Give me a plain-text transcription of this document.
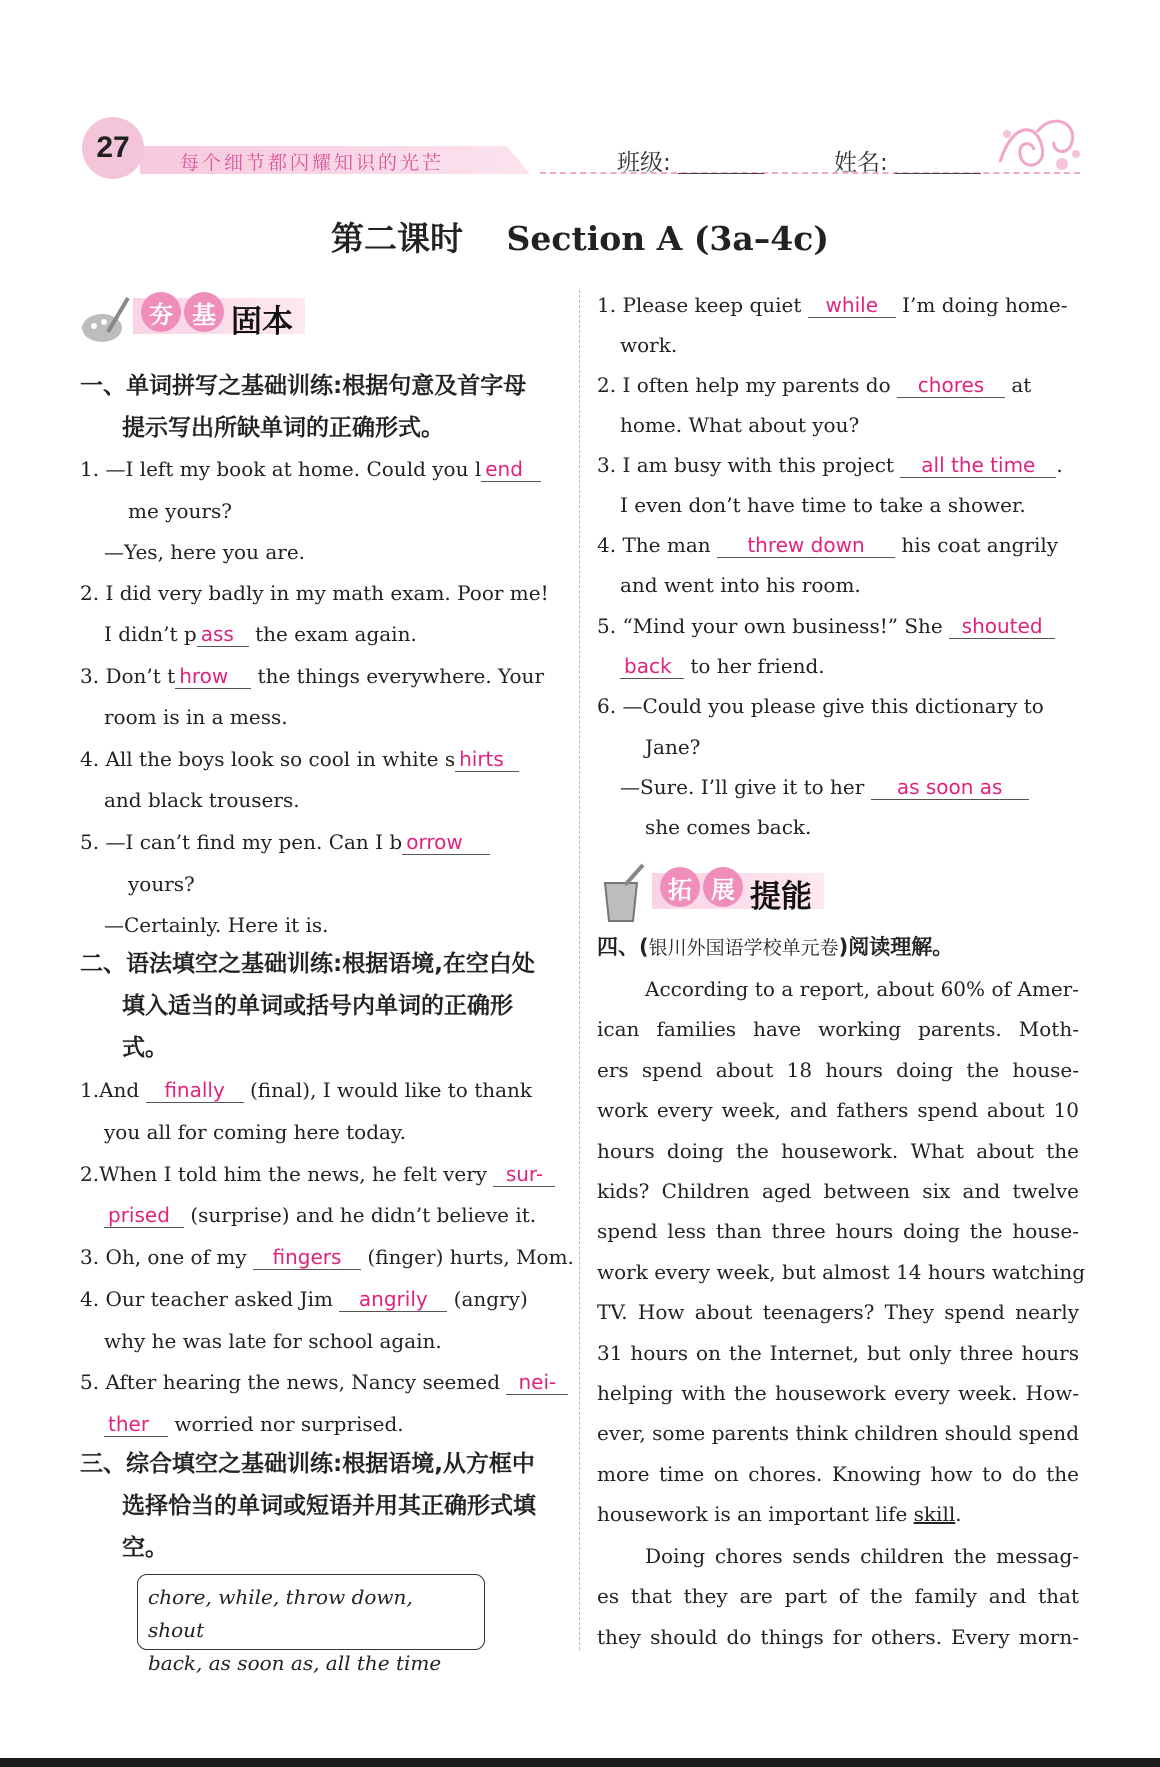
27	每个细节都闪耀知识的光芒	班级:	姓名:
第二课时 Section A (3a–4c)
夯 基 固本
一、单词拼写之基础训练:根据句意及首字母
提示写出所缺单词的正确形式。
1. —I left my book at home. Could you l end
me yours?
—Yes, here you are.
2. I did very badly in my math exam. Poor me!
I didn’t p ass the exam again.
3. Don’t t hrow the things everywhere. Your
room is in a mess.
4. All the boys look so cool in white s hirts
and black trousers.
5. —I can’t find my pen. Can I b orrow
yours?
—Certainly. Here it is.
二、语法填空之基础训练:根据语境,在空白处
填入适当的单词或括号内单词的正确形
式。
1.And finally (final), I would like to thank
you all for coming here today.
2.When I told him the news, he felt very sur-
prised (surprise) and he didn’t believe it.
3. Oh, one of my fingers (finger) hurts, Mom.
4. Our teacher asked Jim angrily (angry)
why he was late for school again.
5. After hearing the news, Nancy seemed nei-
ther worried nor surprised.
三、综合填空之基础训练:根据语境,从方框中
选择恰当的单词或短语并用其正确形式填
空。
chore, while, throw down, shout
back, as soon as, all the time
1. Please keep quiet while I’m doing home-
work.
2. I often help my parents do chores at
home. What about you?
3. I am busy with this project all the time .
I even don’t have time to take a shower.
4. The man threw down his coat angrily
and went into his room.
5. “Mind your own business!” She shouted
back to her friend.
6. —Could you please give this dictionary to
Jane?
—Sure. I’ll give it to her as soon as
she comes back.
拓 展 提能
四、(银川外国语学校单元卷)阅读理解。
According to a report, about 60% of Amer-
ican families have working parents. Moth-
ers spend about 18 hours doing the house-
work every week, and fathers spend about 10
hours doing the housework. What about the
kids? Children aged between six and twelve
spend less than three hours doing the house-
work every week, but almost 14 hours watching
TV. How about teenagers? They spend nearly
31 hours on the Internet, but only three hours
helping with the housework every week. How-
ever, some parents think children should spend
more time on chores. Knowing how to do the
housework is an important life skill.
Doing chores sends children the messag-
es that they are part of the family and that
they should do things for others. Every morn-
